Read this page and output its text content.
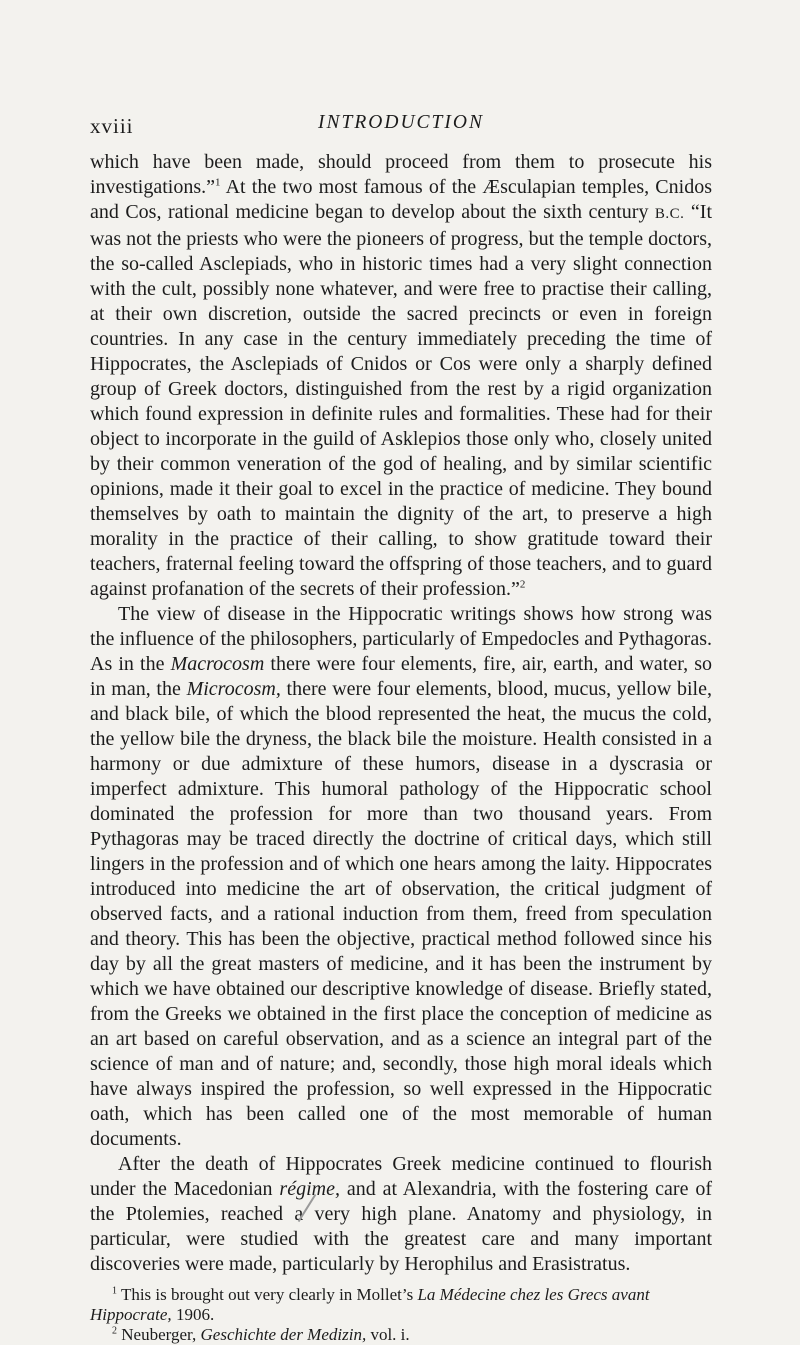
xviii	INTRODUCTION

which have been made, should proceed from them to prosecute his investigations.”$^1$ At the two most famous of the Æsculapian temples, Cnidos and Cos, rational medicine began to develop about the sixth century B.C. “It was not the priests who were the pioneers of progress, but the temple doctors, the so-called Asclepiads, who in historic times had a very slight connection with the cult, possibly none whatever, and were free to practise their calling, at their own discretion, outside the sacred precincts or even in foreign countries. In any case in the century immediately preceding the time of Hippocrates, the Asclepiads of Cnidos or Cos were only a sharply defined group of Greek doctors, distinguished from the rest by a rigid organization which found expression in definite rules and formalities. These had for their object to incorporate in the guild of Asklepios those only who, closely united by their common veneration of the god of healing, and by similar scientific opinions, made it their goal to excel in the practice of medicine. They bound themselves by oath to maintain the dignity of the art, to preserve a high morality in the practice of their calling, to show gratitude toward their teachers, fraternal feeling toward the offspring of those teachers, and to guard against profanation of the secrets of their profession.”$^2$

The view of disease in the Hippocratic writings shows how strong was the influence of the philosophers, particularly of Empedocles and Pythagoras. As in the Macrocosm there were four elements, fire, air, earth, and water, so in man, the Microcosm, there were four elements, blood, mucus, yellow bile, and black bile, of which the blood represented the heat, the mucus the cold, the yellow bile the dryness, the black bile the moisture. Health consisted in a harmony or due admixture of these humors, disease in a dyscrasia or imperfect admixture. This humoral pathology of the Hippocratic school dominated the profession for more than two thousand years. From Pythagoras may be traced directly the doctrine of critical days, which still lingers in the profession and of which one hears among the laity. Hippocrates introduced into medicine the art of observation, the critical judgment of observed facts, and a rational induction from them, freed from speculation and theory. This has been the objective, practical method followed since his day by all the great masters of medicine, and it has been the instrument by which we have obtained our descriptive knowledge of disease. Briefly stated, from the Greeks we obtained in the first place the conception of medicine as an art based on careful observation, and as a science an integral part of the science of man and of nature; and, secondly, those high moral ideals which have always inspired the profession, so well expressed in the Hippocratic oath, which has been called one of the most memorable of human documents.

After the death of Hippocrates Greek medicine continued to flourish under the Macedonian régime, and at Alexandria, with the fostering care of the Ptolemies, reached a very high plane. Anatomy and physiology, in particular, were studied with the greatest care and many important discoveries were made, particularly by Herophilus and Erasistratus.

$^1$ This is brought out very clearly in Mollet’s La Médecine chez les Grecs avant Hippocrate, 1906.

$^2$ Neuberger, Geschichte der Medizin, vol. i.
